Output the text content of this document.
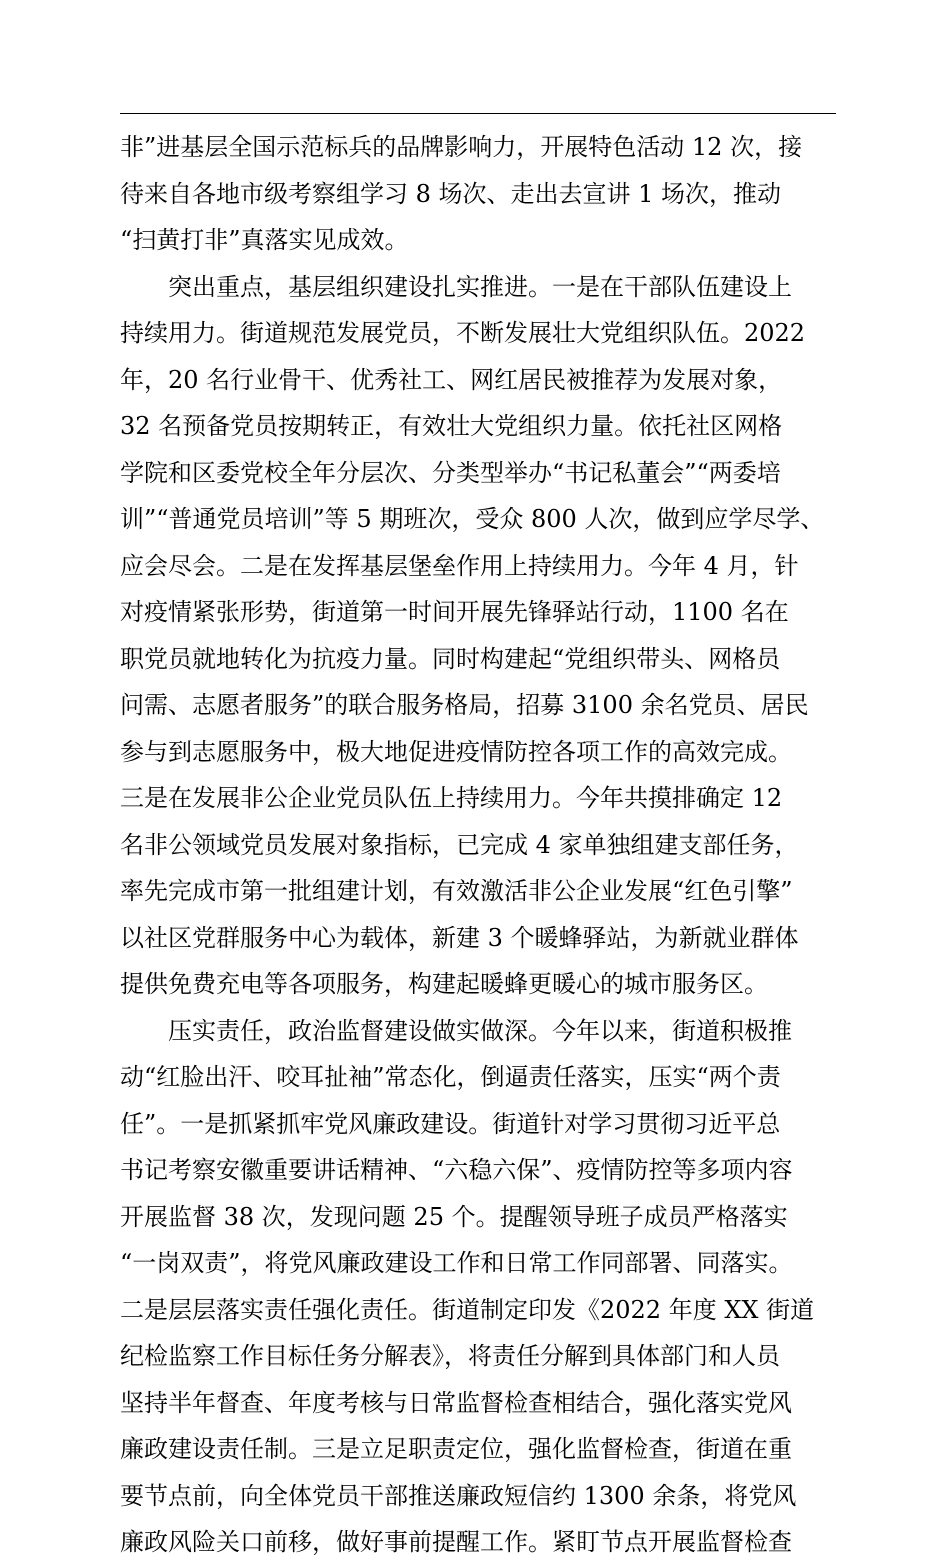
非”进基层全国示范标兵的品牌影响力，开展特色活动 12 次，接
待来自各地市级考察组学习 8 场次、走出去宣讲 1 场次，推动
“扫黄打非”真落实见成效。
突出重点，基层组织建设扎实推进。一是在干部队伍建设上
持续用力。街道规范发展党员，不断发展壮大党组织队伍。2022
年，20 名行业骨干、优秀社工、网红居民被推荐为发展对象，
32 名预备党员按期转正，有效壮大党组织力量。依托社区网格
学院和区委党校全年分层次、分类型举办“书记私董会”“两委培
训”“普通党员培训”等 5 期班次，受众 800 人次，做到应学尽学、
应会尽会。二是在发挥基层堡垒作用上持续用力。今年 4 月，针
对疫情紧张形势，街道第一时间开展先锋驿站行动，1100 名在
职党员就地转化为抗疫力量。同时构建起“党组织带头、网格员
问需、志愿者服务”的联合服务格局，招募 3100 余名党员、居民
参与到志愿服务中，极大地促进疫情防控各项工作的高效完成。
三是在发展非公企业党员队伍上持续用力。今年共摸排确定 12
名非公领域党员发展对象指标，已完成 4 家单独组建支部任务，
率先完成市第一批组建计划，有效激活非公企业发展“红色引擎”
以社区党群服务中心为载体，新建 3 个暖蜂驿站，为新就业群体
提供免费充电等各项服务，构建起暖蜂更暖心的城市服务区。
压实责任，政治监督建设做实做深。今年以来，街道积极推
动“红脸出汗、咬耳扯袖”常态化，倒逼责任落实，压实“两个责
任”。一是抓紧抓牢党风廉政建设。街道针对学习贯彻习近平总
书记考察安徽重要讲话精神、“六稳六保”、疫情防控等多项内容
开展监督 38 次，发现问题 25 个。提醒领导班子成员严格落实
“一岗双责”，将党风廉政建设工作和日常工作同部署、同落实。
二是层层落实责任强化责任。街道制定印发《2022 年度 XX 街道
纪检监察工作目标任务分解表》，将责任分解到具体部门和人员
坚持半年督查、年度考核与日常监督检查相结合，强化落实党风
廉政建设责任制。三是立足职责定位，强化监督检查，街道在重
要节点前，向全体党员干部推送廉政短信约 1300 余条，将党风
廉政风险关口前移，做好事前提醒工作。紧盯节点开展监督检查
